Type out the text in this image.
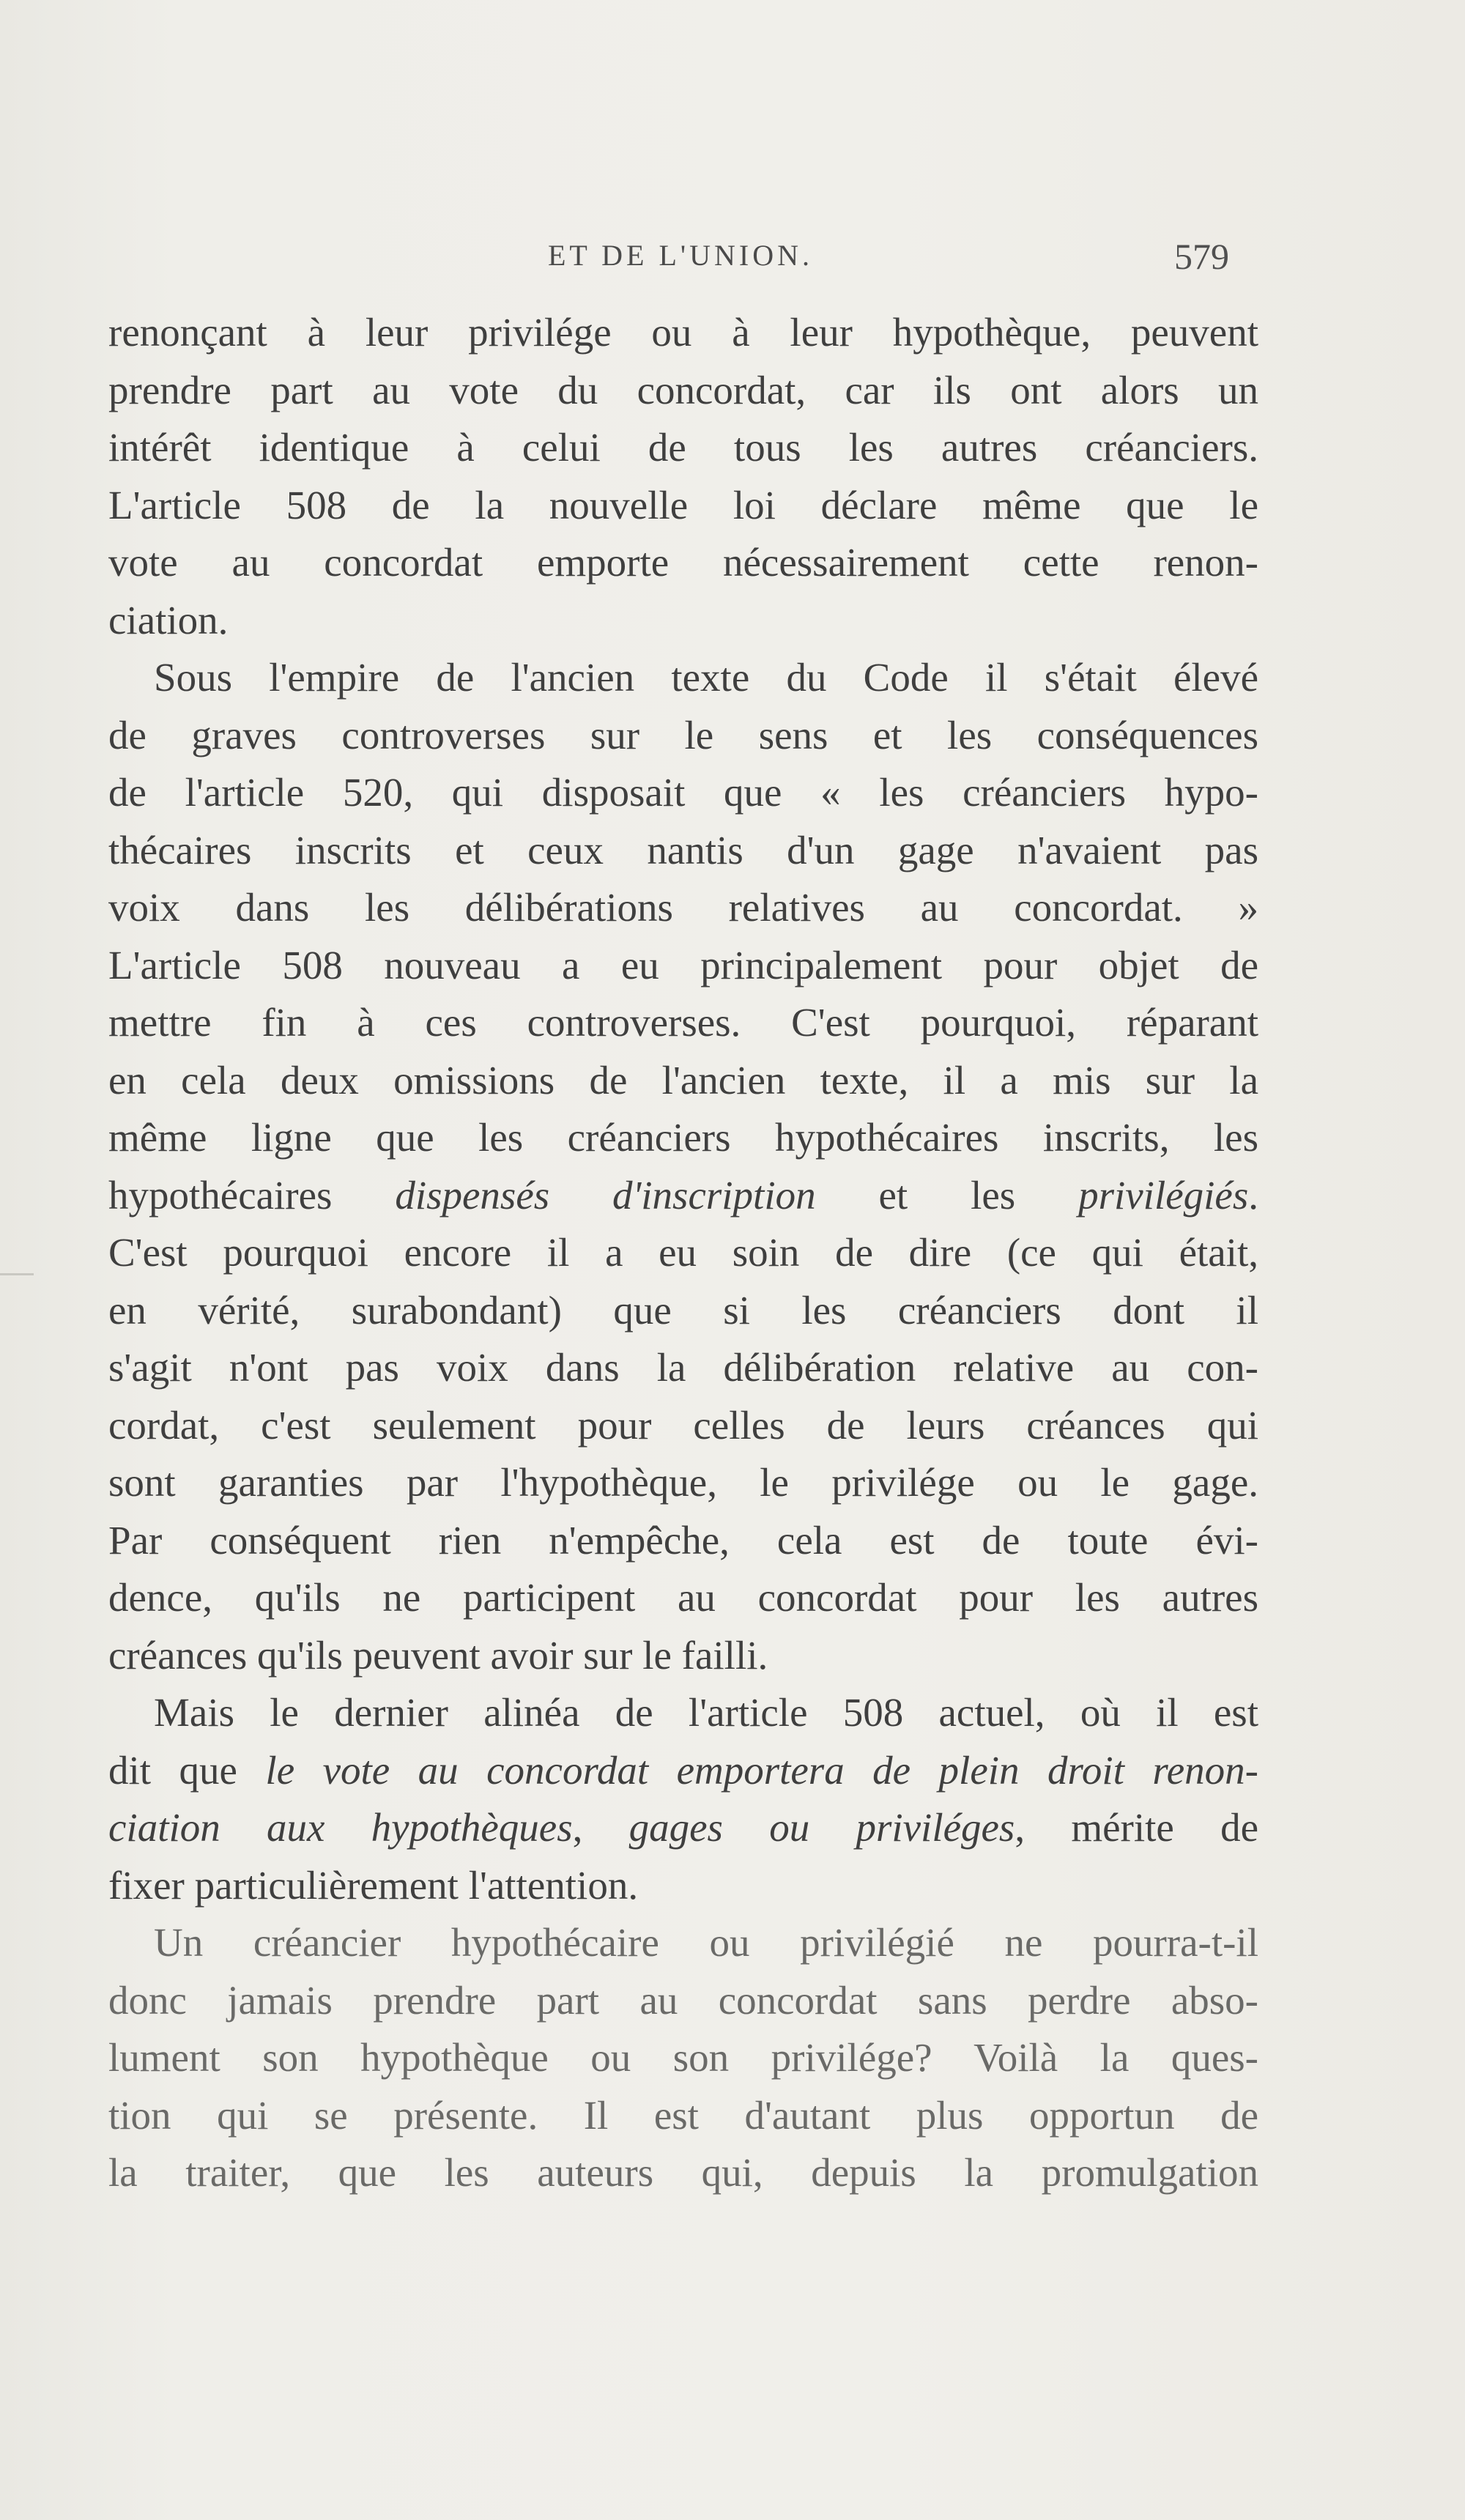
ET DE L'UNION.	579
renonçant à leur privilége ou à leur hypothèque, peuvent
prendre part au vote du concordat, car ils ont alors un
intérêt identique à celui de tous les autres créanciers.
L'article 508 de la nouvelle loi déclare même que le
vote au concordat emporte nécessairement cette renon-
ciation.
Sous l'empire de l'ancien texte du Code il s'était élevé
de graves controverses sur le sens et les conséquences
de l'article 520, qui disposait que « les créanciers hypo-
thécaires inscrits et ceux nantis d'un gage n'avaient pas
voix dans les délibérations relatives au concordat. »
L'article 508 nouveau a eu principalement pour objet de
mettre fin à ces controverses. C'est pourquoi, réparant
en cela deux omissions de l'ancien texte, il a mis sur la
même ligne que les créanciers hypothécaires inscrits, les
hypothécaires dispensés d'inscription et les privilégiés.
C'est pourquoi encore il a eu soin de dire (ce qui était,
en vérité, surabondant) que si les créanciers dont il
s'agit n'ont pas voix dans la délibération relative au con-
cordat, c'est seulement pour celles de leurs créances qui
sont garanties par l'hypothèque, le privilége ou le gage.
Par conséquent rien n'empêche, cela est de toute évi-
dence, qu'ils ne participent au concordat pour les autres
créances qu'ils peuvent avoir sur le failli.
Mais le dernier alinéa de l'article 508 actuel, où il est
dit que le vote au concordat emportera de plein droit renon-
ciation aux hypothèques, gages ou priviléges, mérite de
fixer particulièrement l'attention.
Un créancier hypothécaire ou privilégié ne pourra-t-il
donc jamais prendre part au concordat sans perdre abso-
lument son hypothèque ou son privilége? Voilà la ques-
tion qui se présente. Il est d'autant plus opportun de
la traiter, que les auteurs qui, depuis la promulgation
